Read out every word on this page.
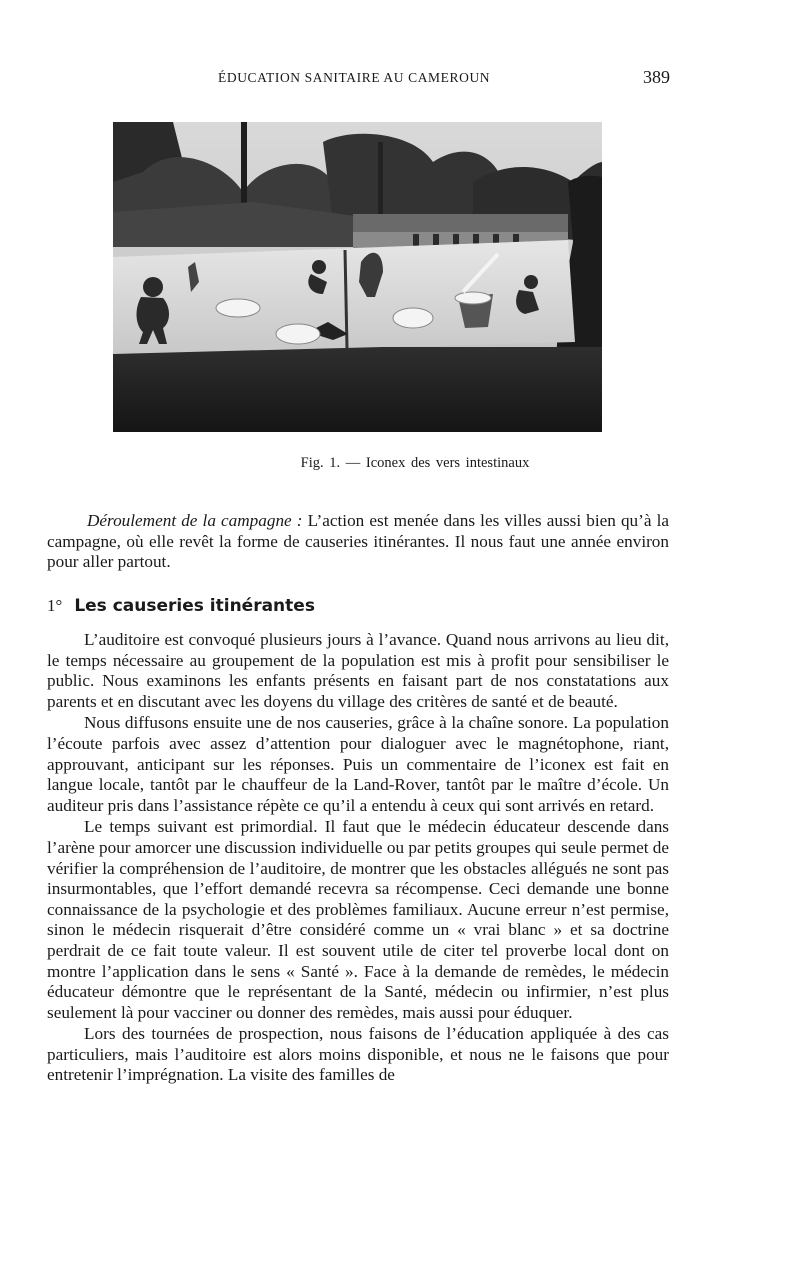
ÉDUCATION SANITAIRE AU CAMEROUN	389
Fig. 1. — Iconex des vers intestinaux

Déroulement de la campagne : L’action est menée dans les villes aussi bien qu’à la campagne, où elle revêt la forme de causeries itinérantes. Il nous faut une année environ pour aller partout.

1° Les causeries itinérantes

L’auditoire est convoqué plusieurs jours à l’avance. Quand nous arrivons au lieu dit, le temps nécessaire au groupement de la population est mis à profit pour sensibiliser le public. Nous examinons les enfants présents en faisant part de nos constatations aux parents et en discutant avec les doyens du village des critères de santé et de beauté.

Nous diffusons ensuite une de nos causeries, grâce à la chaîne sonore. La population l’écoute parfois avec assez d’attention pour dialoguer avec le magnétophone, riant, approuvant, anticipant sur les réponses. Puis un commentaire de l’iconex est fait en langue locale, tantôt par le chauffeur de la Land-Rover, tantôt par le maître d’école. Un auditeur pris dans l’assistance répète ce qu’il a entendu à ceux qui sont arrivés en retard.

Le temps suivant est primordial. Il faut que le médecin éducateur descende dans l’arène pour amorcer une discussion individuelle ou par petits groupes qui seule permet de vérifier la compréhension de l’auditoire, de montrer que les obstacles allégués ne sont pas insurmontables, que l’effort demandé recevra sa récompense. Ceci demande une bonne connaissance de la psychologie et des problèmes familiaux. Aucune erreur n’est permise, sinon le médecin risquerait d’être considéré comme un « vrai blanc » et sa doctrine perdrait de ce fait toute valeur. Il est souvent utile de citer tel proverbe local dont on montre l’application dans le sens « Santé ». Face à la demande de remèdes, le médecin éducateur démontre que le représentant de la Santé, médecin ou infirmier, n’est plus seulement là pour vacciner ou donner des remèdes, mais aussi pour éduquer.

Lors des tournées de prospection, nous faisons de l’éducation appliquée à des cas particuliers, mais l’auditoire est alors moins disponible, et nous ne le faisons que pour entretenir l’imprégnation. La visite des familles de
